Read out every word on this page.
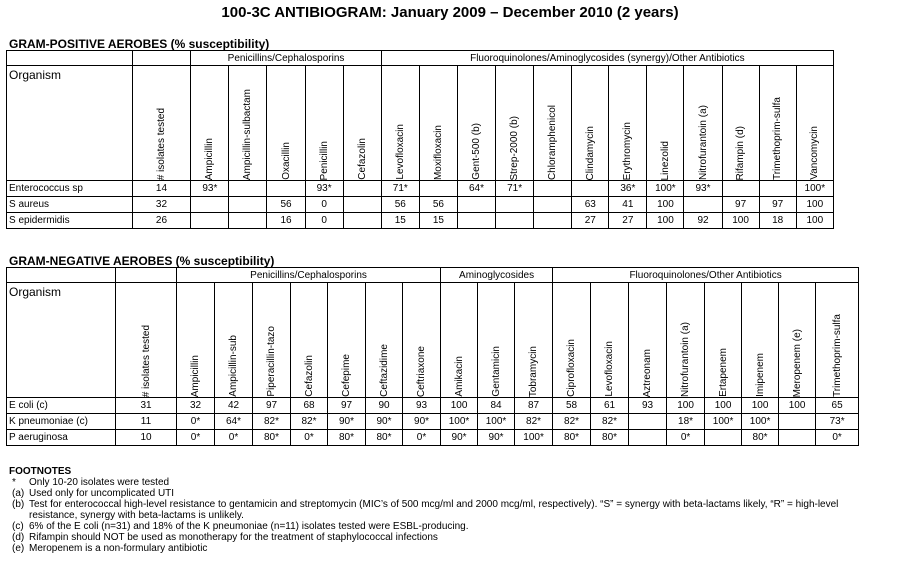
100-3C ANTIBIOGRAM: January 2009 – December 2010 (2 years)
GRAM-POSITIVE AEROBES (% susceptibility)
		Penicillins/Cephalosporins					Fluoroquinolones/Aminoglycosides (synergy)/Other Antibiotics											
Organism	# isolates tested	Ampicillin	Ampicillin-sulbactam	Oxacillin	Penicillin	Cefazolin	Levofloxacin	Moxifloxacin	Gent-500 (b)	Strep-2000 (b)	Chloramphenicol	Clindamycin	Erythromycin	Linezolid	Nitrofurantoin (a)	Rifampin (d)	Trimethoprim-sulfa	Vancomycin

Enterococcus sp	14	93*			93*		71*		64*	71*			36*	100*	93*			100*
S aureus	32			56	0		56	56				63	41	100		97	97	100
S epidermidis	26			16	0		15	15				27	27	100	92	100	18	100
GRAM-NEGATIVE AEROBES (% susceptibility)
		Penicillins/Cephalosporins							Aminoglycosides			Fluoroquinolones/Other Antibiotics							
Organism	# isolates tested	Ampicillin	Ampicillin-sub	Piperacillin-tazo	Cefazolin	Cefepime	Ceftazidime	Ceftriaxone	Amikacin	Gentamicin	Tobramycin	Ciprofloxacin	Levofloxacin	Aztreonam	Nitrofurantoin (a)	Ertapenem	Imipenem	Meropenem (e)	Trimethoprim-sulfa

E coli (c)	31	32	42	97	68	97	90	93	100	84	87	58	61	93	100	100	100	100	65
K pneumoniae (c)	11	0*	64*	82*	82*	90*	90*	90*	100*	100*	82*	82*	82*		18*	100*	100*		73*
P aeruginosa	10	0*	0*	80*	0*	80*	80*	0*	90*	90*	100*	80*	80*		0*		80*		0*
FOOTNOTES
*	Only 10-20 isolates were tested
(a) Used only for uncomplicated UTI
(b) Test for enterococcal high-level resistance to gentamicin and streptomycin (MIC’s of 500 mcg/ml and 2000 mcg/ml, respectively). “S” = synergy with beta-lactams likely, “R” = high-level resistance, synergy with beta-lactams is unlikely.
(c) 6% of the E coli (n=31) and 18% of the K pneumoniae (n=11) isolates tested were ESBL-producing.
(d) Rifampin should NOT be used as monotherapy for the treatment of staphylococcal infections
(e) Meropenem is a non-formulary antibiotic
